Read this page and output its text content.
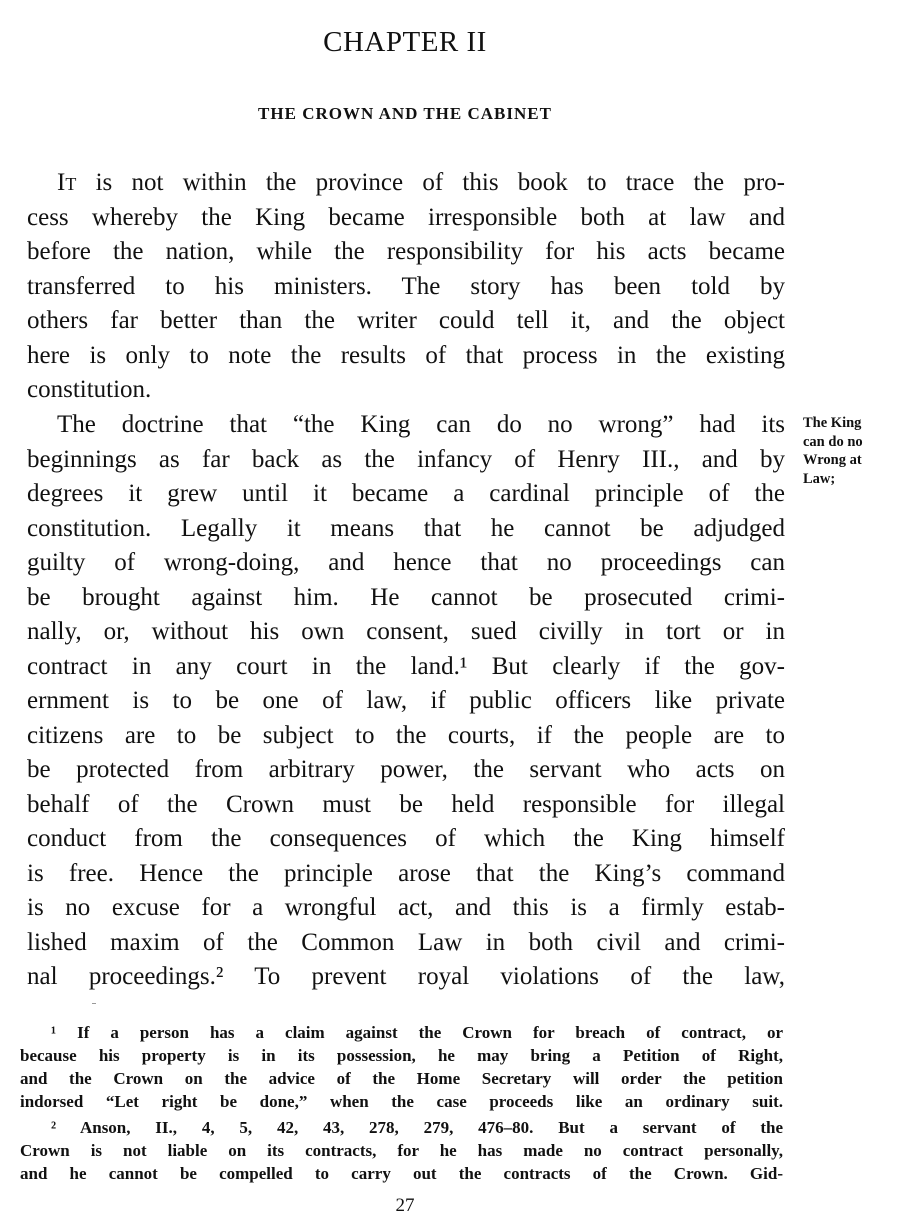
CHAPTER II
THE CROWN AND THE CABINET
It is not within the province of this book to trace the pro-
cess whereby the King became irresponsible both at law and
before the nation, while the responsibility for his acts became
transferred to his ministers. The story has been told by
others far better than the writer could tell it, and the object
here is only to note the results of that process in the existing
constitution.
The doctrine that “the King can do no wrong” had its
beginnings as far back as the infancy of Henry III., and by
degrees it grew until it became a cardinal principle of the
constitution. Legally it means that he cannot be adjudged
guilty of wrong-doing, and hence that no proceedings can
be brought against him. He cannot be prosecuted crimi-
nally, or, without his own consent, sued civilly in tort or in
contract in any court in the land.¹ But clearly if the gov-
ernment is to be one of law, if public officers like private
citizens are to be subject to the courts, if the people are to
be protected from arbitrary power, the servant who acts on
behalf of the Crown must be held responsible for illegal
conduct from the consequences of which the King himself
is free. Hence the principle arose that the King’s command
is no excuse for a wrongful act, and this is a firmly estab-
lished maxim of the Common Law in both civil and crimi-
nal proceedings.² To prevent royal violations of the law,
The King
can do no
Wrong at
Law;
¹ If a person has a claim against the Crown for breach of contract, or
because his property is in its possession, he may bring a Petition of Right,
and the Crown on the advice of the Home Secretary will order the petition
indorsed “Let right be done,” when the case proceeds like an ordinary suit.
² Anson, II., 4, 5, 42, 43, 278, 279, 476–80. But a servant of the
Crown is not liable on its contracts, for he has made no contract personally,
and he cannot be compelled to carry out the contracts of the Crown. Gid-
27
